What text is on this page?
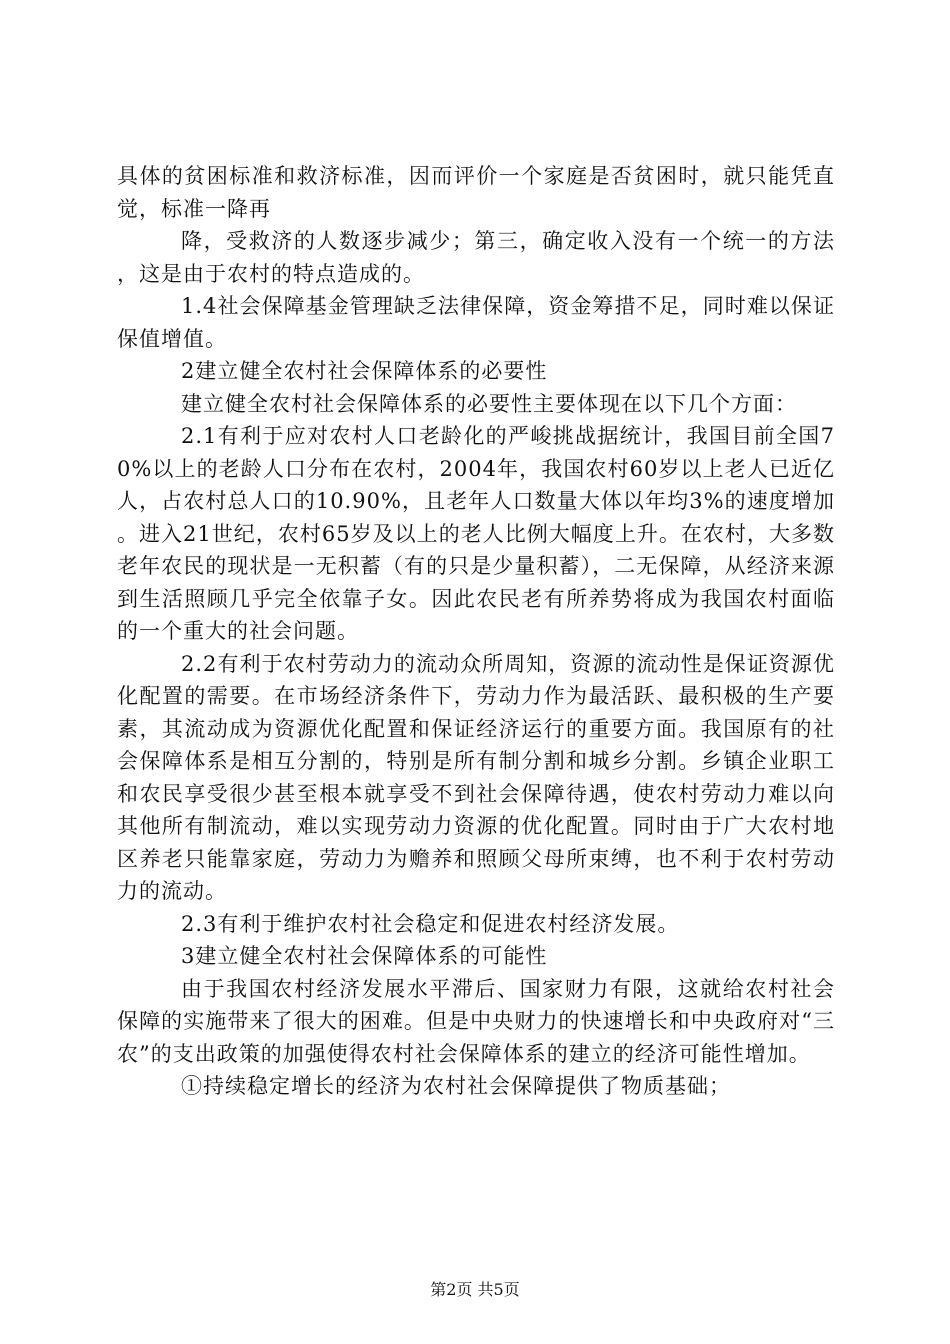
具体的贫困标准和救济标准，因而评价一个家庭是否贫困时，就只能凭直觉，标准一降再

降，受救济的人数逐步减少；第三，确定收入没有一个统一的方法，这是由于农村的特点造成的。

1.4社会保障基金管理缺乏法律保障，资金筹措不足，同时难以保证保值增值。

2建立健全农村社会保障体系的必要性

建立健全农村社会保障体系的必要性主要体现在以下几个方面：

2.1有利于应对农村人口老龄化的严峻挑战据统计，我国目前全国70%以上的老龄人口分布在农村，2004年，我国农村60岁以上老人已近亿人，占农村总人口的10.90%，且老年人口数量大体以年均3%的速度增加。进入21世纪，农村65岁及以上的老人比例大幅度上升。在农村，大多数老年农民的现状是一无积蓄（有的只是少量积蓄），二无保障，从经济来源到生活照顾几乎完全依靠子女。因此农民老有所养势将成为我国农村面临的一个重大的社会问题。

2.2有利于农村劳动力的流动众所周知，资源的流动性是保证资源优化配置的需要。在市场经济条件下，劳动力作为最活跃、最积极的生产要素，其流动成为资源优化配置和保证经济运行的重要方面。我国原有的社会保障体系是相互分割的，特别是所有制分割和城乡分割。乡镇企业职工和农民享受很少甚至根本就享受不到社会保障待遇，使农村劳动力难以向其他所有制流动，难以实现劳动力资源的优化配置。同时由于广大农村地区养老只能靠家庭，劳动力为赡养和照顾父母所束缚，也不利于农村劳动力的流动。

2.3有利于维护农村社会稳定和促进农村经济发展。

3建立健全农村社会保障体系的可能性

由于我国农村经济发展水平滞后、国家财力有限，这就给农村社会保障的实施带来了很大的困难。但是中央财力的快速增长和中央政府对“三农”的支出政策的加强使得农村社会保障体系的建立的经济可能性增加。

①持续稳定增长的经济为农村社会保障提供了物质基础；

第2页 共5页
